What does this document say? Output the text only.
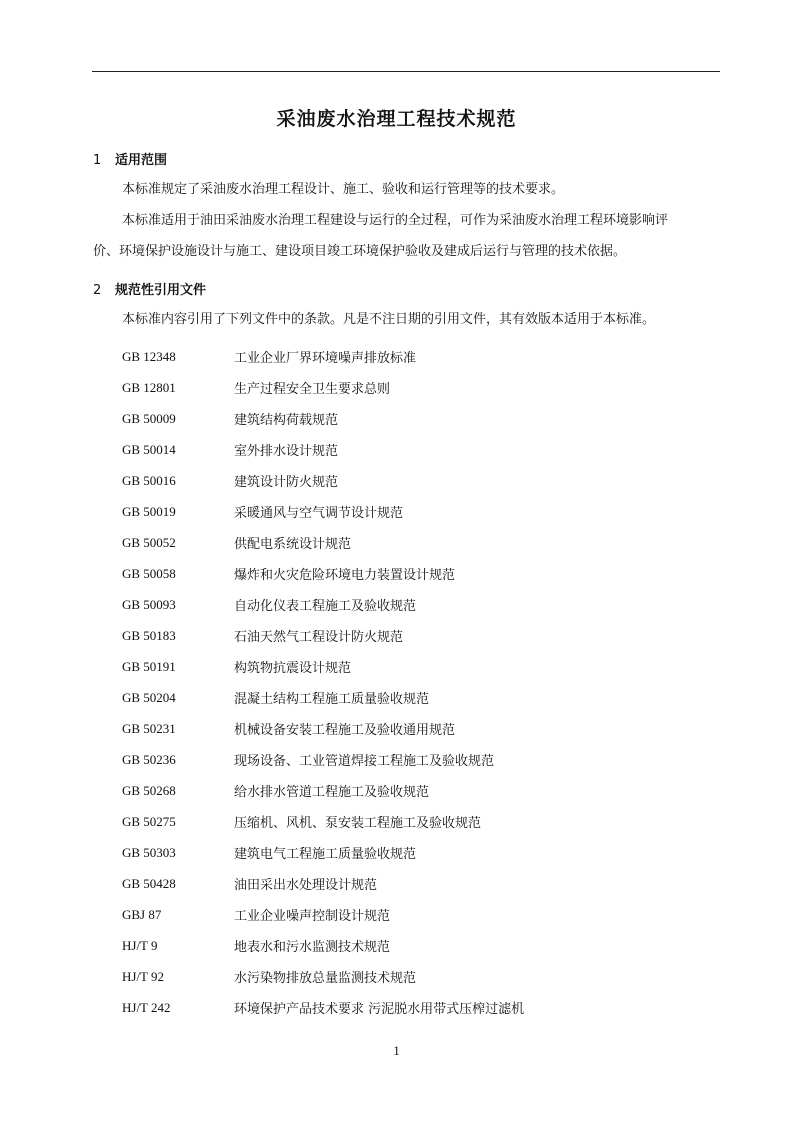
采油废水治理工程技术规范
1 适用范围
本标准规定了采油废水治理工程设计、施工、验收和运行管理等的技术要求。
本标准适用于油田采油废水治理工程建设与运行的全过程，可作为采油废水治理工程环境影响评
价、环境保护设施设计与施工、建设项目竣工环境保护验收及建成后运行与管理的技术依据。
2 规范性引用文件
本标准内容引用了下列文件中的条款。凡是不注日期的引用文件，其有效版本适用于本标准。
GB 12348	工业企业厂界环境噪声排放标准
GB 12801	生产过程安全卫生要求总则
GB 50009	建筑结构荷载规范
GB 50014	室外排水设计规范
GB 50016	建筑设计防火规范
GB 50019	采暖通风与空气调节设计规范
GB 50052	供配电系统设计规范
GB 50058	爆炸和火灾危险环境电力装置设计规范
GB 50093	自动化仪表工程施工及验收规范
GB 50183	石油天然气工程设计防火规范
GB 50191	构筑物抗震设计规范
GB 50204	混凝土结构工程施工质量验收规范
GB 50231	机械设备安装工程施工及验收通用规范
GB 50236	现场设备、工业管道焊接工程施工及验收规范
GB 50268	给水排水管道工程施工及验收规范
GB 50275	压缩机、风机、泵安装工程施工及验收规范
GB 50303	建筑电气工程施工质量验收规范
GB 50428	油田采出水处理设计规范
GBJ 87	工业企业噪声控制设计规范
HJ/T 9	地表水和污水监测技术规范
HJ/T 92	水污染物排放总量监测技术规范
HJ/T 242	环境保护产品技术要求 污泥脱水用带式压榨过滤机
1
